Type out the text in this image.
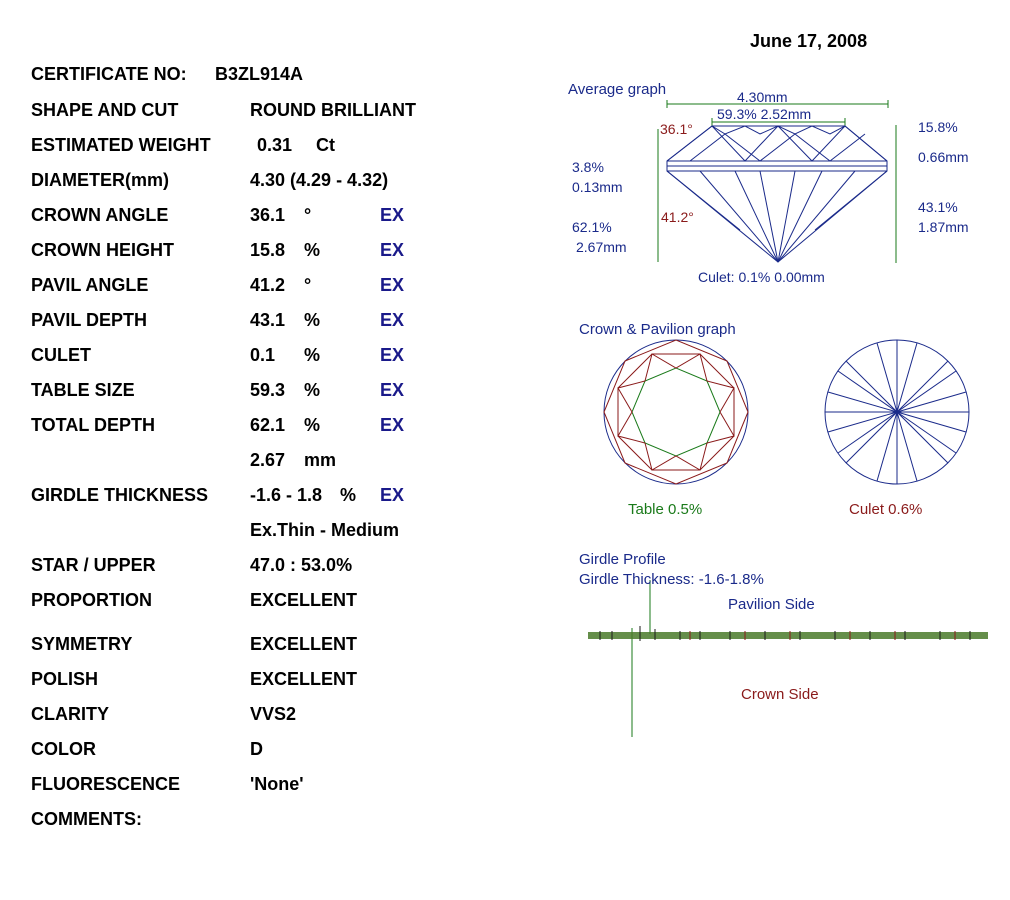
June 17, 2008
CERTIFICATE NO: B3ZL914A
SHAPE AND CUT	ROUND BRILLIANT
ESTIMATED WEIGHT	0.31 Ct
DIAMETER(mm)	4.30 (4.29 - 4.32)
CROWN ANGLE	36.1 °	EX
CROWN HEIGHT	15.8 %	EX
PAVIL ANGLE	41.2 °	EX
PAVIL DEPTH	43.1 %	EX
CULET	0.1 %	EX
TABLE SIZE	59.3 %	EX
TOTAL DEPTH	62.1 %	EX
2.67 mm
GIRDLE THICKNESS -1.6 - 1.8 % EX
Ex.Thin - Medium
STAR / UPPER	47.0 : 53.0%
PROPORTION	EXCELLENT
SYMMETRY	EXCELLENT
POLISH	EXCELLENT
CLARITY	VVS2
COLOR	D
FLUORESCENCE	'None'
COMMENTS:
Average graph	4.30mm
59.3% 2.52mm
36.1°	15.8%
0.66mm
3.8%
0.13mm
41.2°
43.1%
1.87mm
62.1%
2.67mm
Culet: 0.1% 0.00mm
Crown & Pavilion graph
Table 0.5%	Culet 0.6%
Girdle Profile
Girdle Thickness: -1.6-1.8%
Pavilion Side
Crown Side
